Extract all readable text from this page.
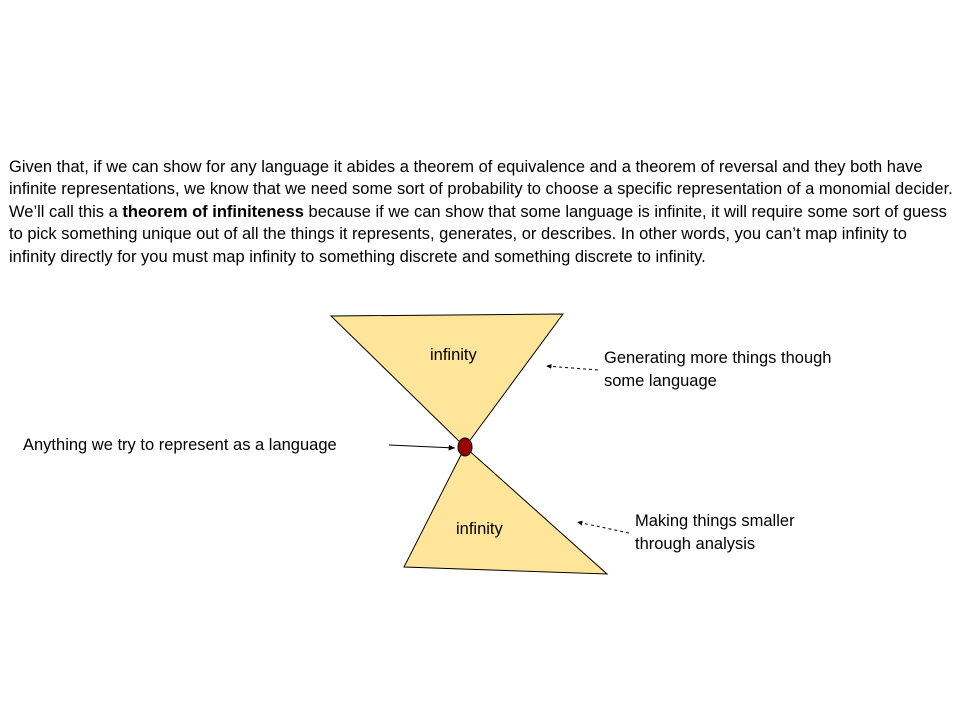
Given that, if we can show for any language it abides a theorem of equivalence and a theorem of reversal and they both have infinite representations, we know that we need some sort of probability to choose a specific representation of a monomial decider. We’ll call this a theorem of infiniteness because if we can show that some language is infinite, it will require some sort of guess to pick something unique out of all the things it represents, generates, or describes. In other words, you can’t map infinity to infinity directly for you must map infinity to something discrete and something discrete to infinity.

infinity
infinity
Anything we try to represent as a language
Generating more things though
some language
Making things smaller
through analysis
